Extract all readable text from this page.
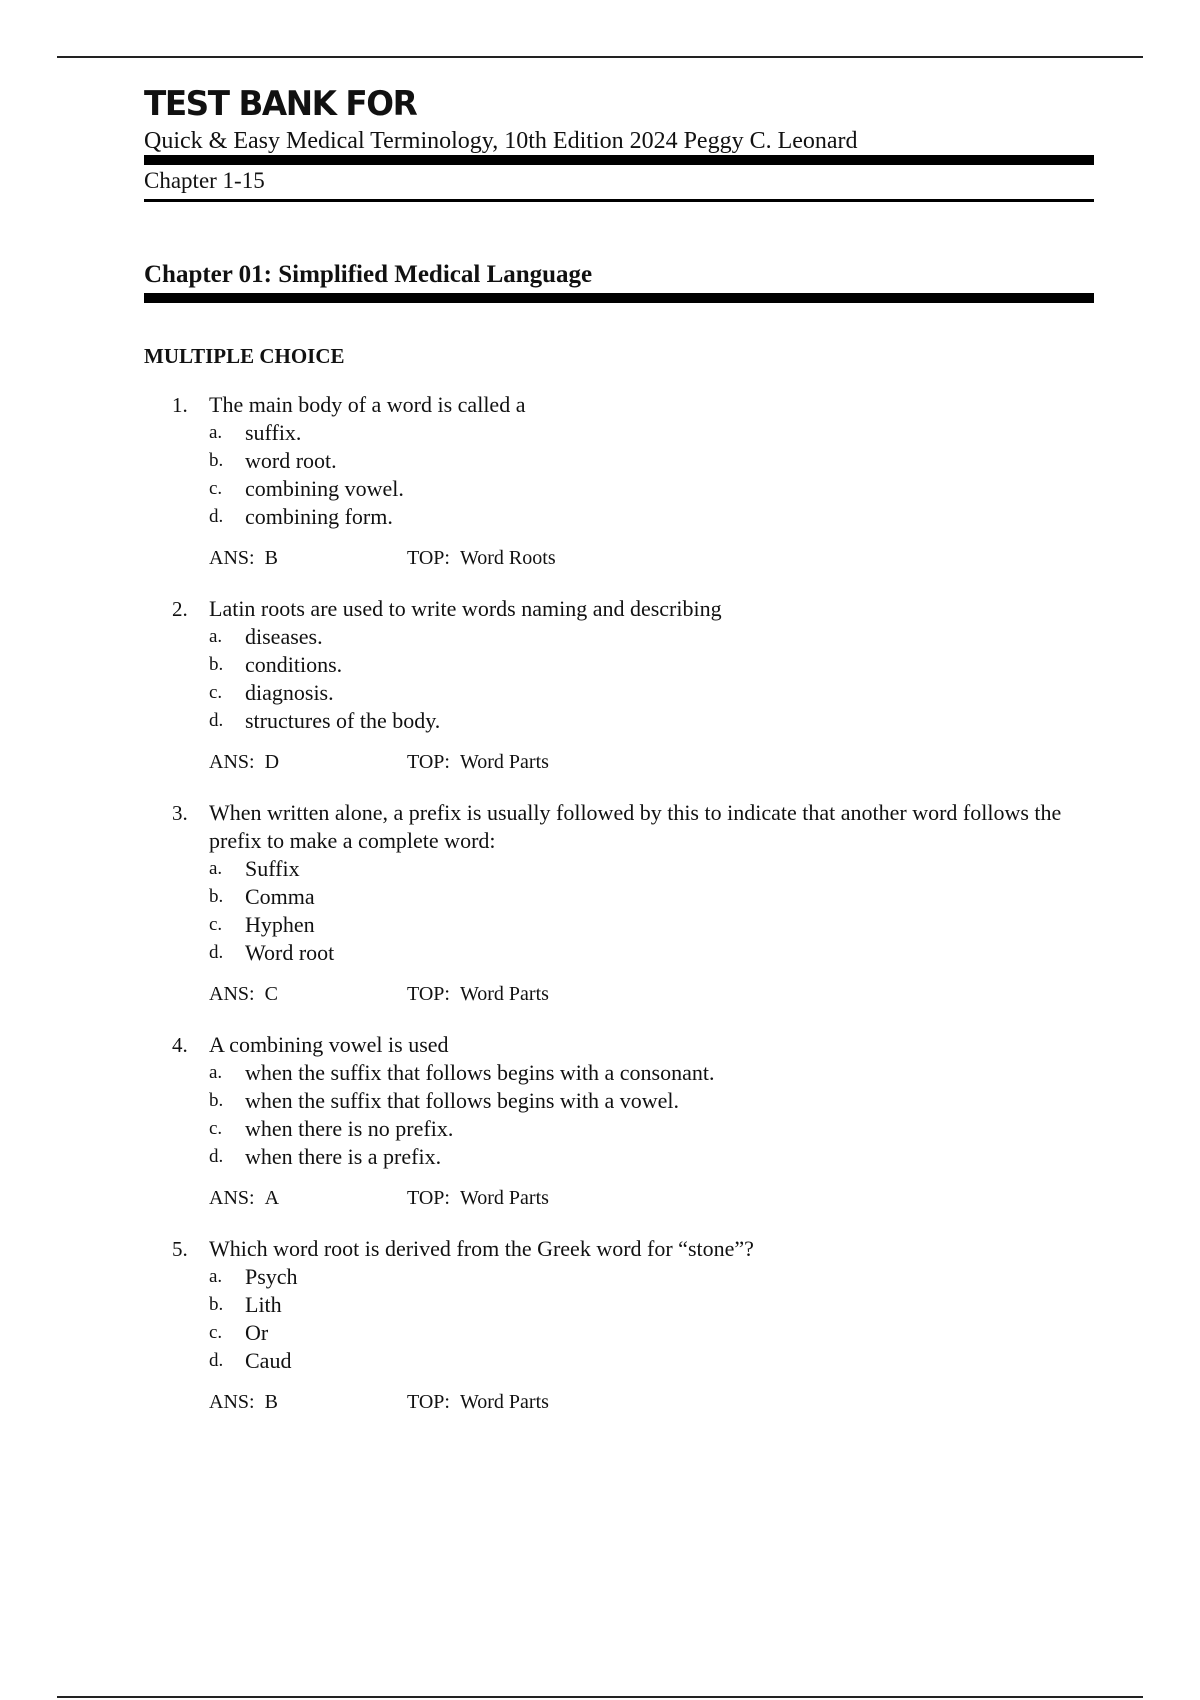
TEST BANK FOR
Quick & Easy Medical Terminology, 10th Edition 2024 Peggy C. Leonard
Chapter 1-15
Chapter 01: Simplified Medical Language
MULTIPLE CHOICE
1. The main body of a word is called a
a.	suffix.
b. word root.
c.	combining vowel.
d. combining form.
ANS: B	TOP: Word Roots
2. Latin roots are used to write words naming and describing
a.	diseases.
b. conditions.
c.	diagnosis.
d. structures of the body.
ANS: D	TOP: Word Parts
3. When written alone, a prefix is usually followed by this to indicate that another word follows the prefix to make a complete word:
a.	Suffix
b. Comma
c.	Hyphen
d. Word root
ANS: C	TOP: Word Parts
4. A combining vowel is used
a.	when the suffix that follows begins with a consonant.
b. when the suffix that follows begins with a vowel.
c.	when there is no prefix.
d. when there is a prefix.
ANS: A	TOP: Word Parts
5. Which word root is derived from the Greek word for “stone”?
a.	Psych
b. Lith
c.	Or
d. Caud
ANS: B	TOP: Word Parts
